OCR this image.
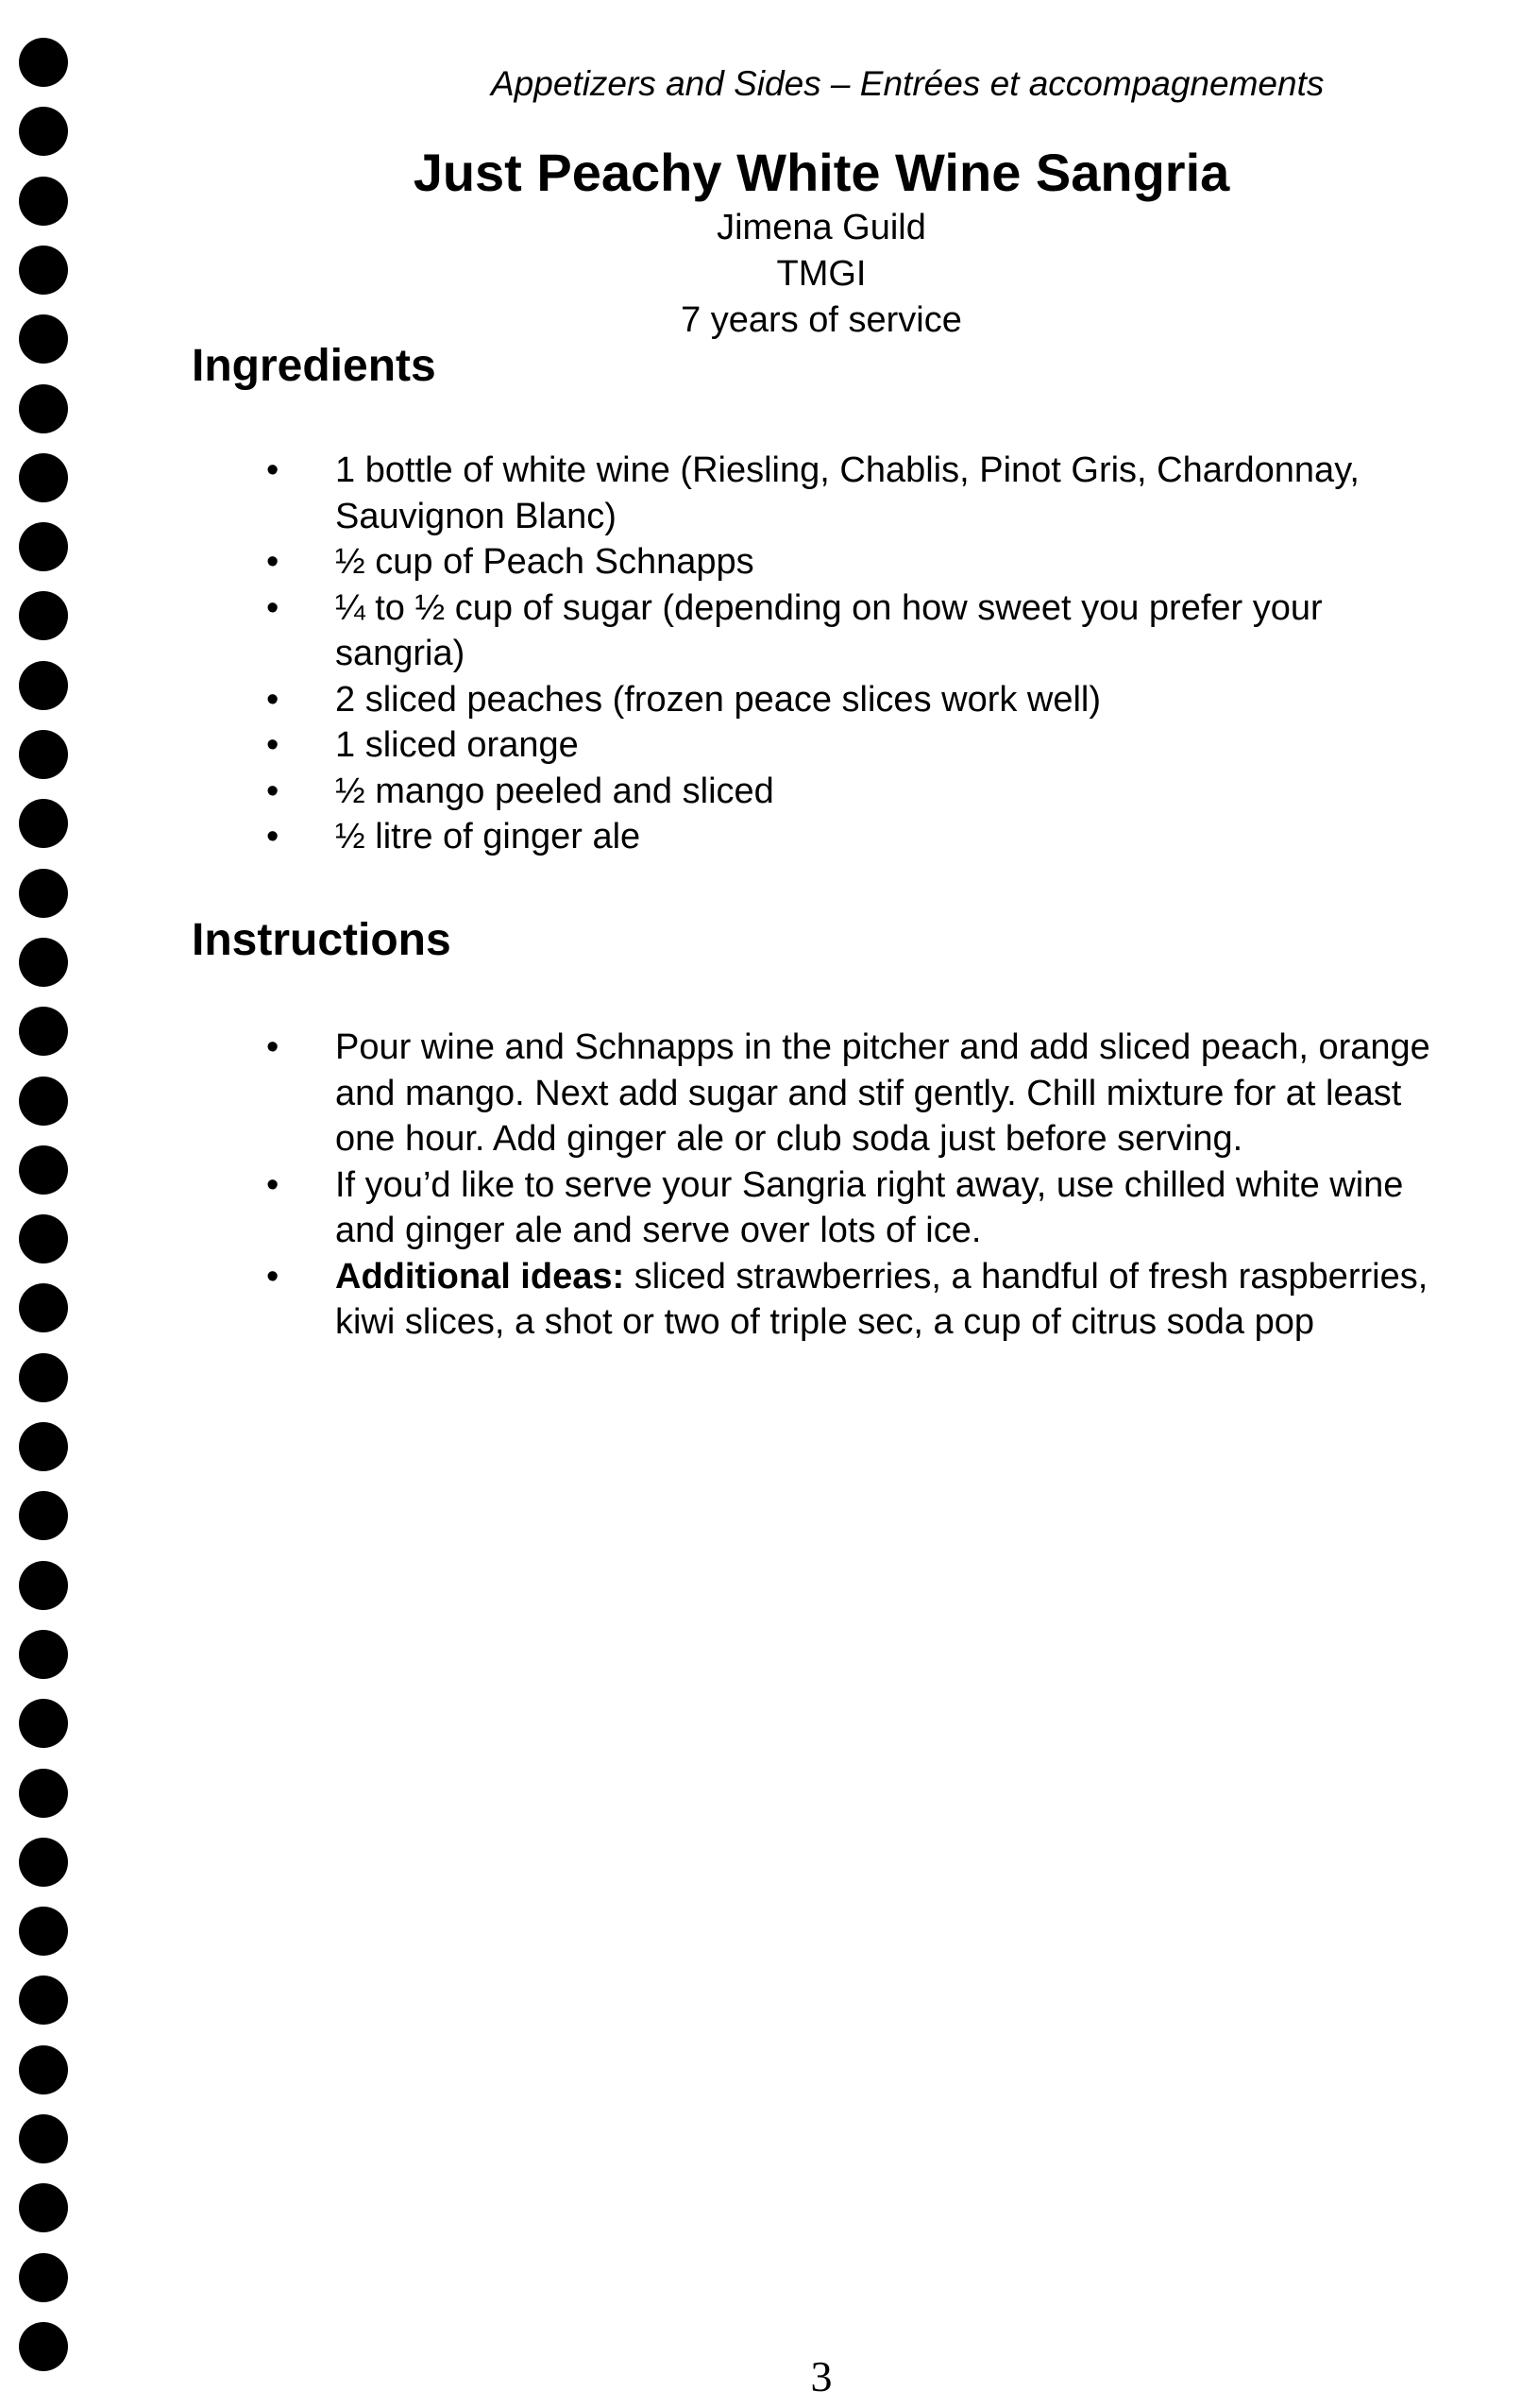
Appetizers and Sides – Entrées et accompagnements
Just Peachy White Wine Sangria
Jimena Guild
TMGI
7 years of service
Ingredients
• 1 bottle of white wine (Riesling, Chablis, Pinot Gris, Chardonnay, Sauvignon Blanc)
• ½ cup of Peach Schnapps
• ¼ to ½ cup of sugar (depending on how sweet you prefer your sangria)
• 2 sliced peaches (frozen peace slices work well)
• 1 sliced orange
• ½ mango peeled and sliced
• ½ litre of ginger ale
Instructions
• Pour wine and Schnapps in the pitcher and add sliced peach, orange and mango. Next add sugar and stif gently. Chill mixture for at least one hour. Add ginger ale or club soda just before serving.
• If you’d like to serve your Sangria right away, use chilled white wine and ginger ale and serve over lots of ice.
• Additional ideas: sliced strawberries, a handful of fresh raspberries, kiwi slices, a shot or two of triple sec, a cup of citrus soda pop
3
